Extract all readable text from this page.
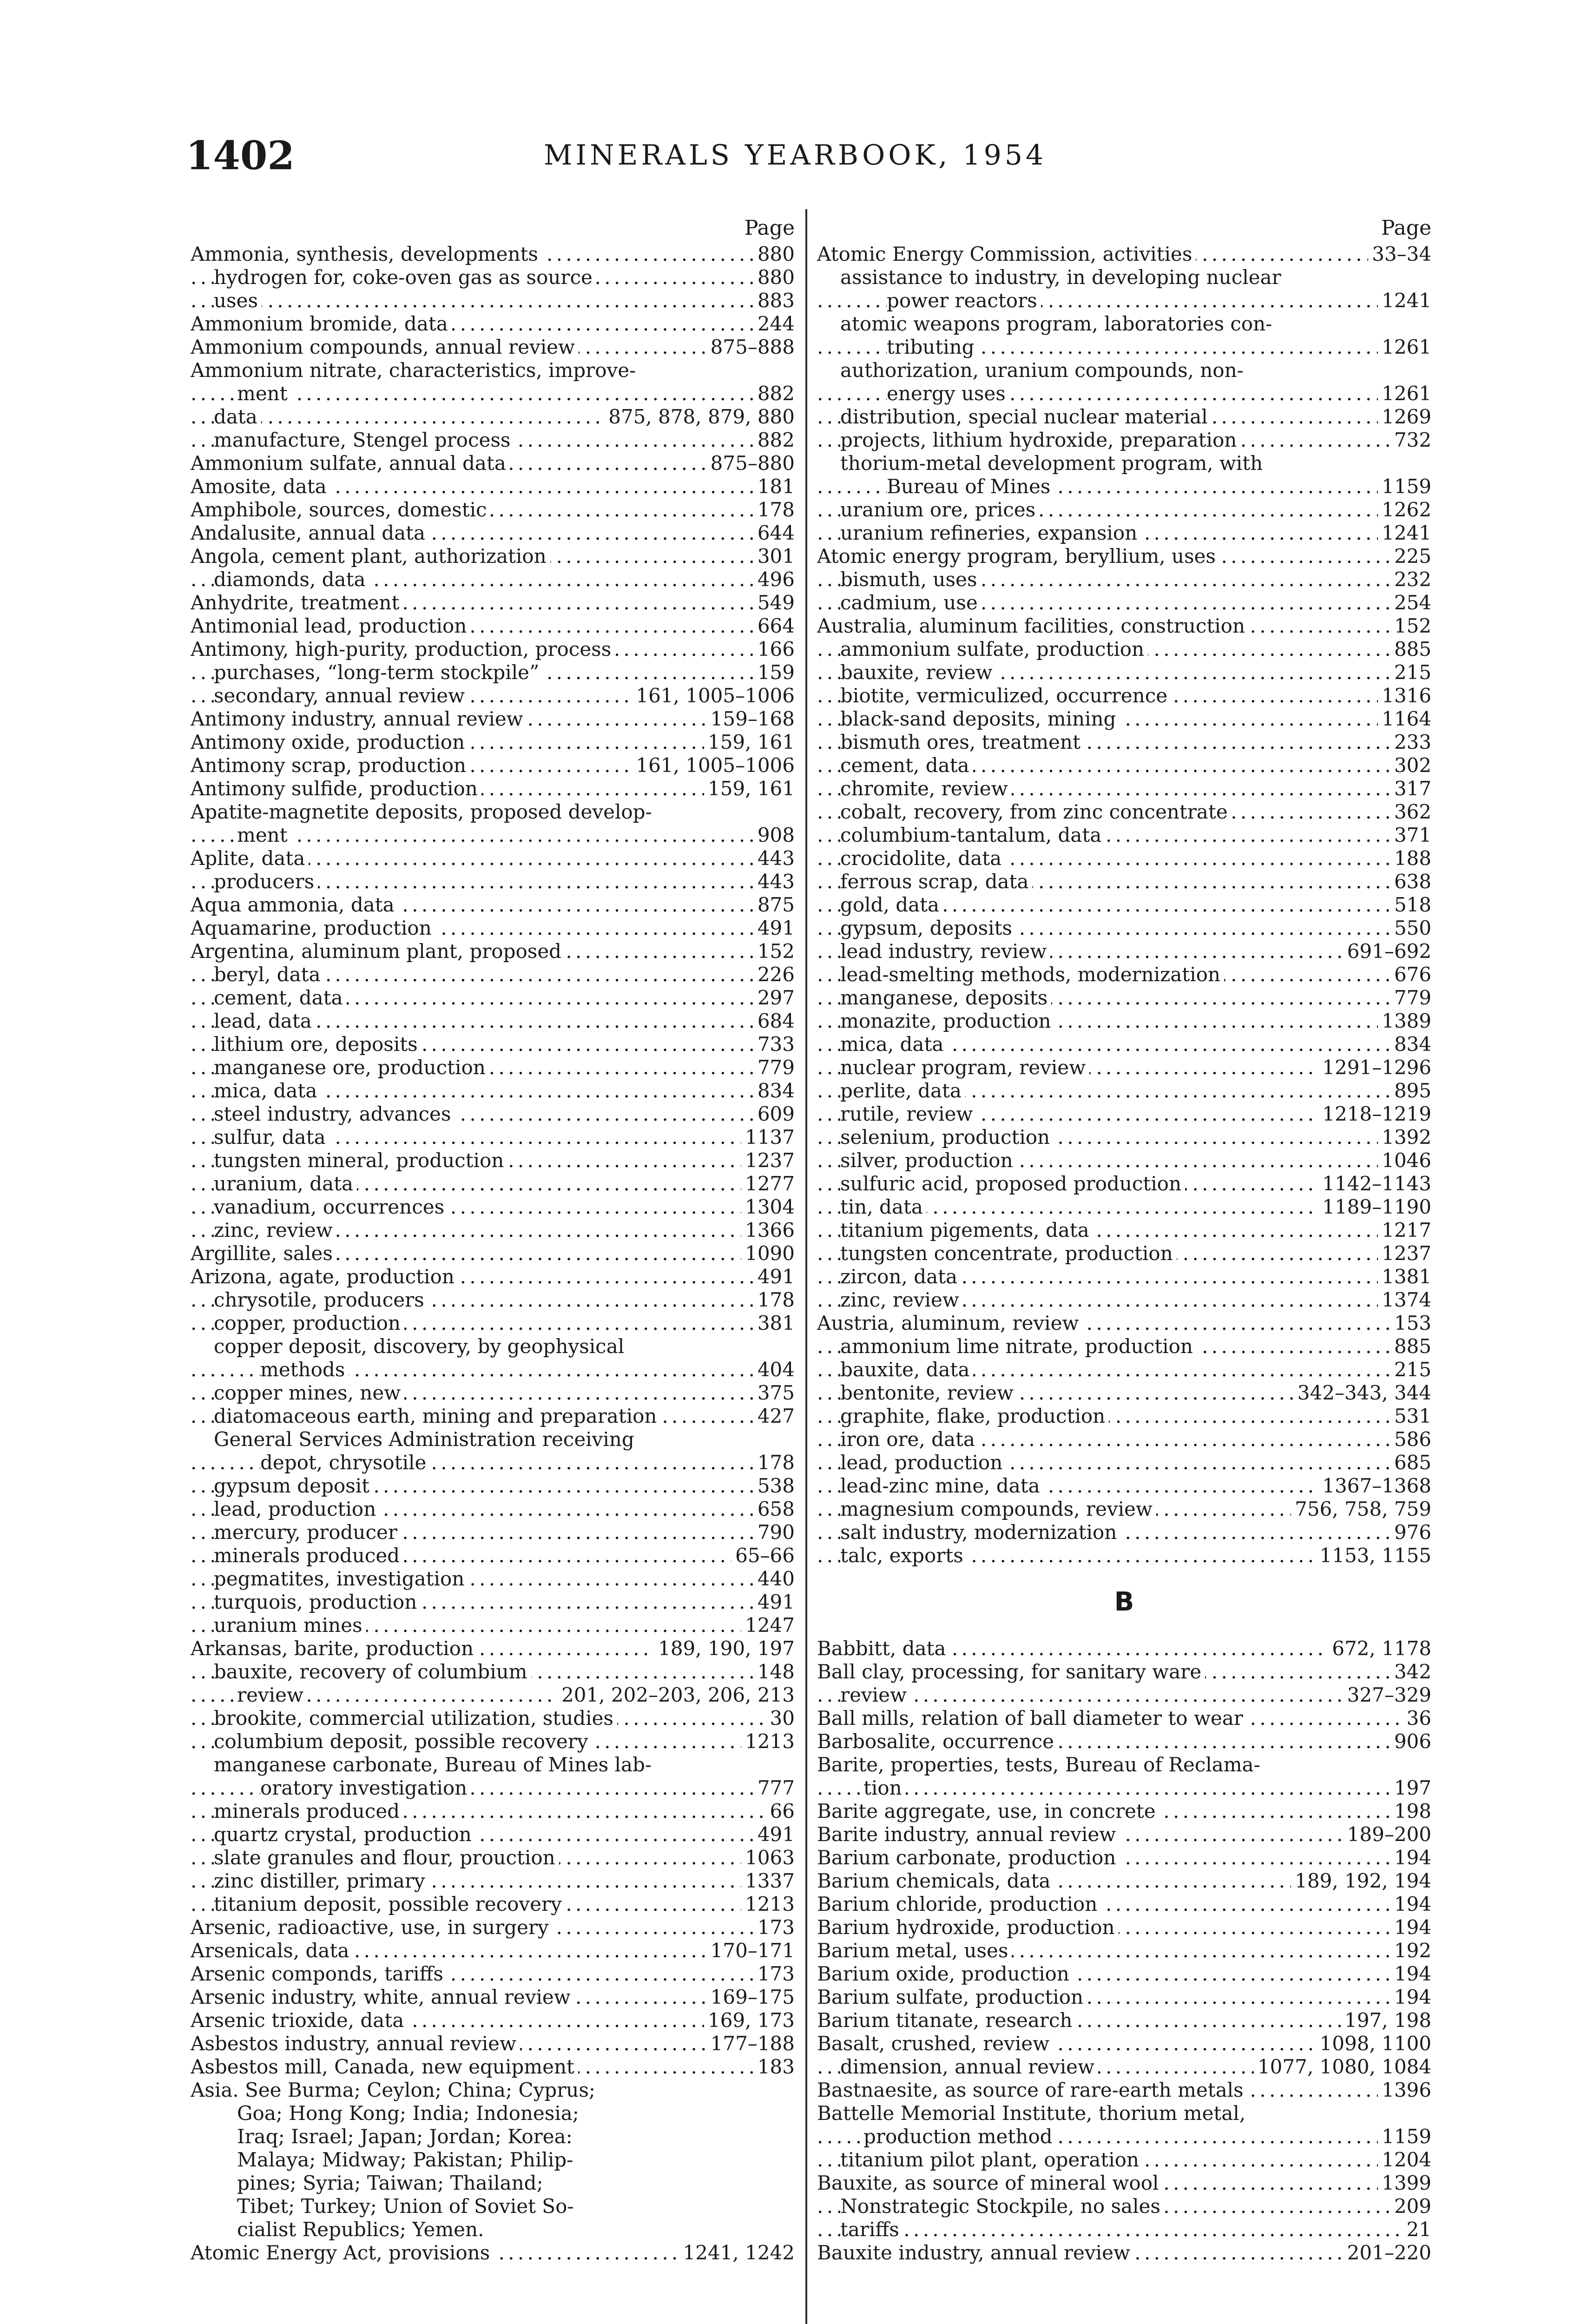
1402	MINERALS YEARBOOK, 1954
Page
. . .
Ammonia, synthesis, developments	880
. . .
hydrogen for, coke-oven gas as source	880
. . .
uses	883
. . .
Ammonium bromide, data	244
. . .
Ammonium compounds, annual review	875–888
Ammonium nitrate, characteristics, improve-
. . .
ment	882
. . .
data	875, 878, 879, 880
. . .
manufacture, Stengel process	882
. . .
Ammonium sulfate, annual data	875–880
. . .
Amosite, data	181
. . .
Amphibole, sources, domestic	178
. . .
Andalusite, annual data	644
. . .
Angola, cement plant, authorization	301
. . .
diamonds, data	496
. . .
Anhydrite, treatment	549
. . .
Antimonial lead, production	664
. . .
Antimony, high-purity, production, process	166
. . .
purchases, “long-term stockpile”	159
. . .
secondary, annual review	161, 1005–1006
. . .
Antimony industry, annual review	159–168
. . .
Antimony oxide, production	159, 161
. . .
Antimony scrap, production	161, 1005–1006
. . .
Antimony sulfide, production	159, 161
Apatite-magnetite deposits, proposed develop-
. . .
ment	908
. . .
Aplite, data	443
. . .
producers	443
. . .
Aqua ammonia, data	875
. . .
Aquamarine, production	491
. . .
Argentina, aluminum plant, proposed	152
. . .
beryl, data	226
. . .
cement, data	297
. . .
lead, data	684
. . .
lithium ore, deposits	733
. . .
manganese ore, production	779
. . .
mica, data	834
. . .
steel industry, advances	609
. . .
sulfur, data	1137
. . .
tungsten mineral, production	1237
. . .
uranium, data	1277
. . .
vanadium, occurrences	1304
. . .
zinc, review	1366
. . .
Argillite, sales	1090
. . .
Arizona, agate, production	491
. . .
chrysotile, producers	178
. . .
copper, production	381
copper deposit, discovery, by geophysical
. . .
methods	404
. . .
copper mines, new	375
. . .
diatomaceous earth, mining and preparation	427
General Services Administration receiving
. . .
depot, chrysotile	178
. . .
gypsum deposit	538
. . .
lead, production	658
. . .
mercury, producer	790
. . .
minerals produced	65–66
. . .
pegmatites, investigation	440
. . .
turquois, production	491
. . .
uranium mines	1247
. . .
Arkansas, barite, production	189, 190, 197
. . .
bauxite, recovery of columbium	148
. . .
review	201, 202–203, 206, 213
. . .
brookite, commercial utilization, studies	30
. . .
columbium deposit, possible recovery	1213
manganese carbonate, Bureau of Mines lab-
. . .
oratory investigation	777
. . .
minerals produced	66
. . .
quartz crystal, production	491
. . .
slate granules and flour, prouction	1063
. . .
zinc distiller, primary	1337
. . .
titanium deposit, possible recovery	1213
. . .
Arsenic, radioactive, use, in surgery	173
. . .
Arsenicals, data	170–171
. . .
Arsenic componds, tariffs	173
. . .
Arsenic industry, white, annual review	169–175
. . .
Arsenic trioxide, data	169, 173
. . .
Asbestos industry, annual review	177–188
. . .
Asbestos mill, Canada, new equipment	183
Asia. See Burma; Ceylon; China; Cyprus;
Goa; Hong Kong; India; Indonesia;
Iraq; Israel; Japan; Jordan; Korea:
Malaya; Midway; Pakistan; Philip-
pines; Syria; Taiwan; Thailand;
Tibet; Turkey; Union of Soviet So-
cialist Republics; Yemen.
. . .
Atomic Energy Act, provisions	1241, 1242
Page
. . .
Atomic Energy Commission, activities	33–34
assistance to industry, in developing nuclear
. . .
power reactors	1241
atomic weapons program, laboratories con-
. . .
tributing	1261
authorization, uranium compounds, non-
. . .
energy uses	1261
. . .
distribution, special nuclear material	1269
. . .
projects, lithium hydroxide, preparation	732
thorium-metal development program, with
. . .
Bureau of Mines	1159
. . .
uranium ore, prices	1262
. . .
uranium refineries, expansion	1241
. . .
Atomic energy program, beryllium, uses	225
. . .
bismuth, uses	232
. . .
cadmium, use	254
. . .
Australia, aluminum facilities, construction	152
. . .
ammonium sulfate, production	885
. . .
bauxite, review	215
. . .
biotite, vermiculized, occurrence	1316
. . .
black-sand deposits, mining	1164
. . .
bismuth ores, treatment	233
. . .
cement, data	302
. . .
chromite, review	317
. . .
cobalt, recovery, from zinc concentrate	362
. . .
columbium-tantalum, data	371
. . .
crocidolite, data	188
. . .
ferrous scrap, data	638
. . .
gold, data	518
. . .
gypsum, deposits	550
. . .
lead industry, review	691–692
. . .
lead-smelting methods, modernization	676
. . .
manganese, deposits	779
. . .
monazite, production	1389
. . .
mica, data	834
. . .
nuclear program, review	1291–1296
. . .
perlite, data	895
. . .
rutile, review	1218–1219
. . .
selenium, production	1392
. . .
silver, production	1046
. . .
sulfuric acid, proposed production	1142–1143
. . .
tin, data	1189–1190
. . .
titanium pigements, data	1217
. . .
tungsten concentrate, production	1237
. . .
zircon, data	1381
. . .
zinc, review	1374
. . .
Austria, aluminum, review	153
. . .
ammonium lime nitrate, production	885
. . .
bauxite, data	215
. . .
bentonite, review	342–343, 344
. . .
graphite, flake, production	531
. . .
iron ore, data	586
. . .
lead, production	685
. . .
lead-zinc mine, data	1367–1368
. . .
magnesium compounds, review	756, 758, 759
. . .
salt industry, modernization	976
. . .
talc, exports	1153, 1155
B
. . .
Babbitt, data	672, 1178
. . .
Ball clay, processing, for sanitary ware	342
. . .
review	327–329
. . .
Ball mills, relation of ball diameter to wear	36
. . .
Barbosalite, occurrence	906
Barite, properties, tests, Bureau of Reclama-
. . .
tion	197
. . .
Barite aggregate, use, in concrete	198
. . .
Barite industry, annual review	189–200
. . .
Barium carbonate, production	194
. . .
Barium chemicals, data	189, 192, 194
. . .
Barium chloride, production	194
. . .
Barium hydroxide, production	194
. . .
Barium metal, uses	192
. . .
Barium oxide, production	194
. . .
Barium sulfate, production	194
. . .
Barium titanate, research	197, 198
. . .
Basalt, crushed, review	1098, 1100
. . .
dimension, annual review	1077, 1080, 1084
. . .
Bastnaesite, as source of rare-earth metals	1396
Battelle Memorial Institute, thorium metal,
. . .
production method	1159
. . .
titanium pilot plant, operation	1204
. . .
Bauxite, as source of mineral wool	1399
. . .
Nonstrategic Stockpile, no sales	209
. . .
tariffs	21
. . .
Bauxite industry, annual review	201–220
